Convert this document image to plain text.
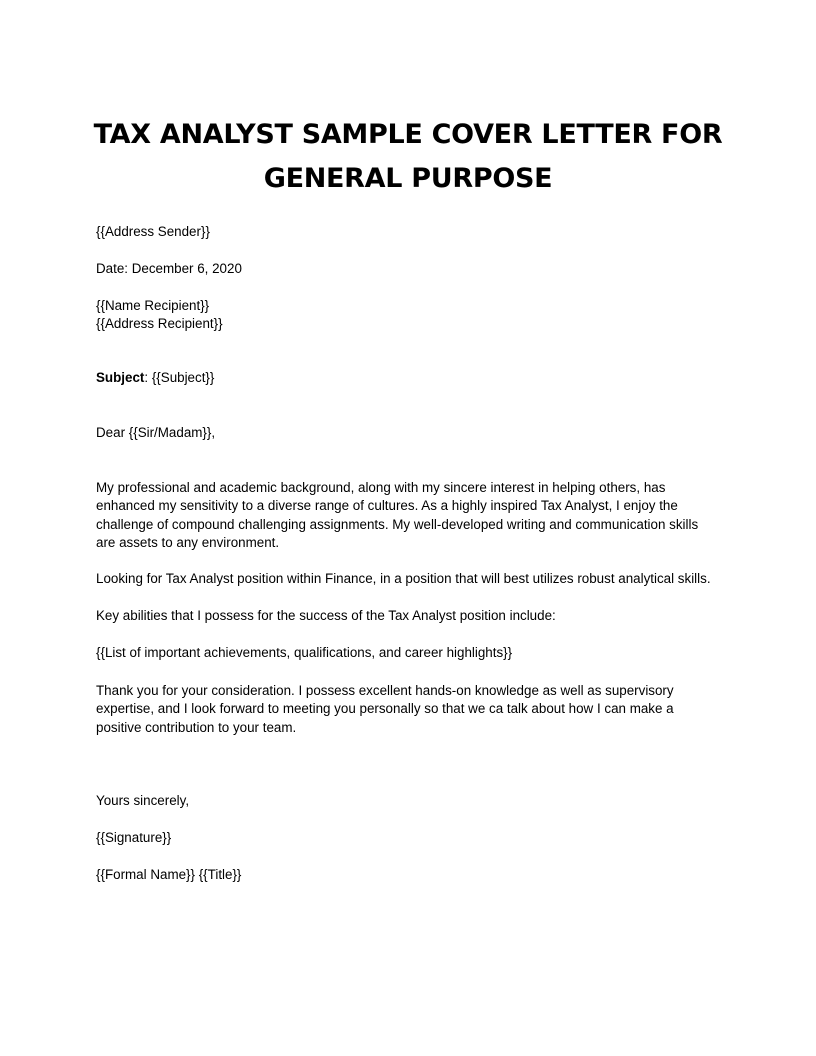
TAX ANALYST SAMPLE COVER LETTER FOR
GENERAL PURPOSE

{{Address Sender}}

Date: December 6, 2020

{{Name Recipient}}

{{Address Recipient}}

Subject: {{Subject}}

Dear {{Sir/Madam}},

My professional and academic background, along with my sincere interest in helping others, has
enhanced my sensitivity to a diverse range of cultures. As a highly inspired Tax Analyst, I enjoy the
challenge of compound challenging assignments. My well-developed writing and communication skills
are assets to any environment.

Looking for Tax Analyst position within Finance, in a position that will best utilizes robust analytical skills.

Key abilities that I possess for the success of the Tax Analyst position include:

{{List of important achievements, qualifications, and career highlights}}

Thank you for your consideration. I possess excellent hands-on knowledge as well as supervisory
expertise, and I look forward to meeting you personally so that we ca talk about how I can make a
positive contribution to your team.

Yours sincerely,

{{Signature}}

{{Formal Name}} {{Title}}
